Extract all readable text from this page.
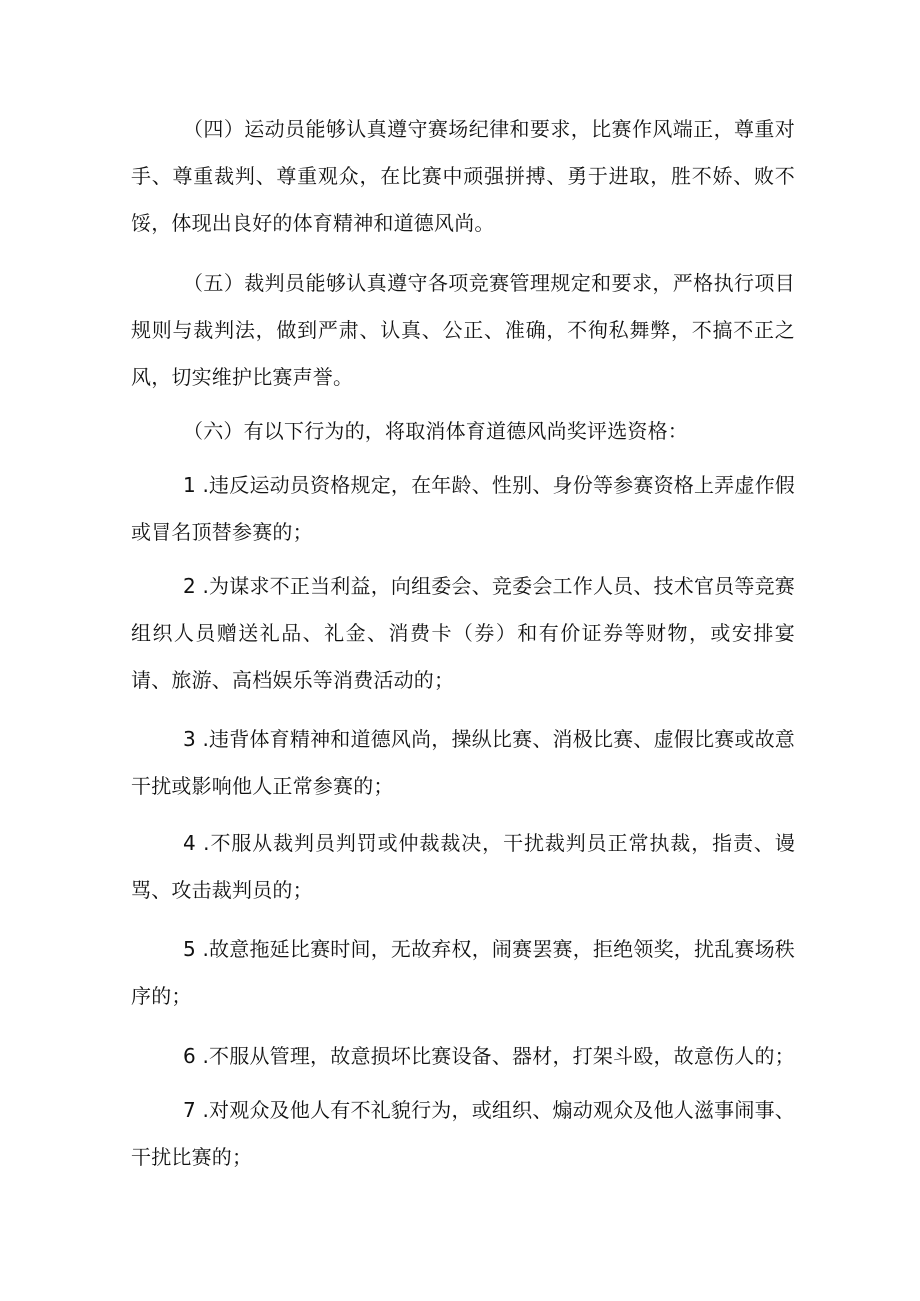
（四）运动员能够认真遵守赛场纪律和要求，比赛作风端正，尊重对手、尊重裁判、尊重观众，在比赛中顽强拼搏、勇于进取，胜不娇、败不馁，体现出良好的体育精神和道德风尚。

（五）裁判员能够认真遵守各项竞赛管理规定和要求，严格执行项目规则与裁判法，做到严肃、认真、公正、准确，不徇私舞弊，不搞不正之风，切实维护比赛声誉。

（六）有以下行为的，将取消体育道德风尚奖评选资格：

1 .违反运动员资格规定，在年龄、性别、身份等参赛资格上弄虚作假或冒名顶替参赛的；

2 .为谋求不正当利益，向组委会、竞委会工作人员、技术官员等竞赛组织人员赠送礼品、礼金、消费卡（券）和有价证券等财物，或安排宴请、旅游、高档娱乐等消费活动的；

3 .违背体育精神和道德风尚，操纵比赛、消极比赛、虚假比赛或故意干扰或影响他人正常参赛的；

4 .不服从裁判员判罚或仲裁裁决，干扰裁判员正常执裁，指责、谩骂、攻击裁判员的；

5 .故意拖延比赛时间，无故弃权，闹赛罢赛，拒绝领奖，扰乱赛场秩序的；

6 .不服从管理，故意损坏比赛设备、器材，打架斗殴，故意伤人的；

7 .对观众及他人有不礼貌行为，或组织、煽动观众及他人滋事闹事、干扰比赛的；
